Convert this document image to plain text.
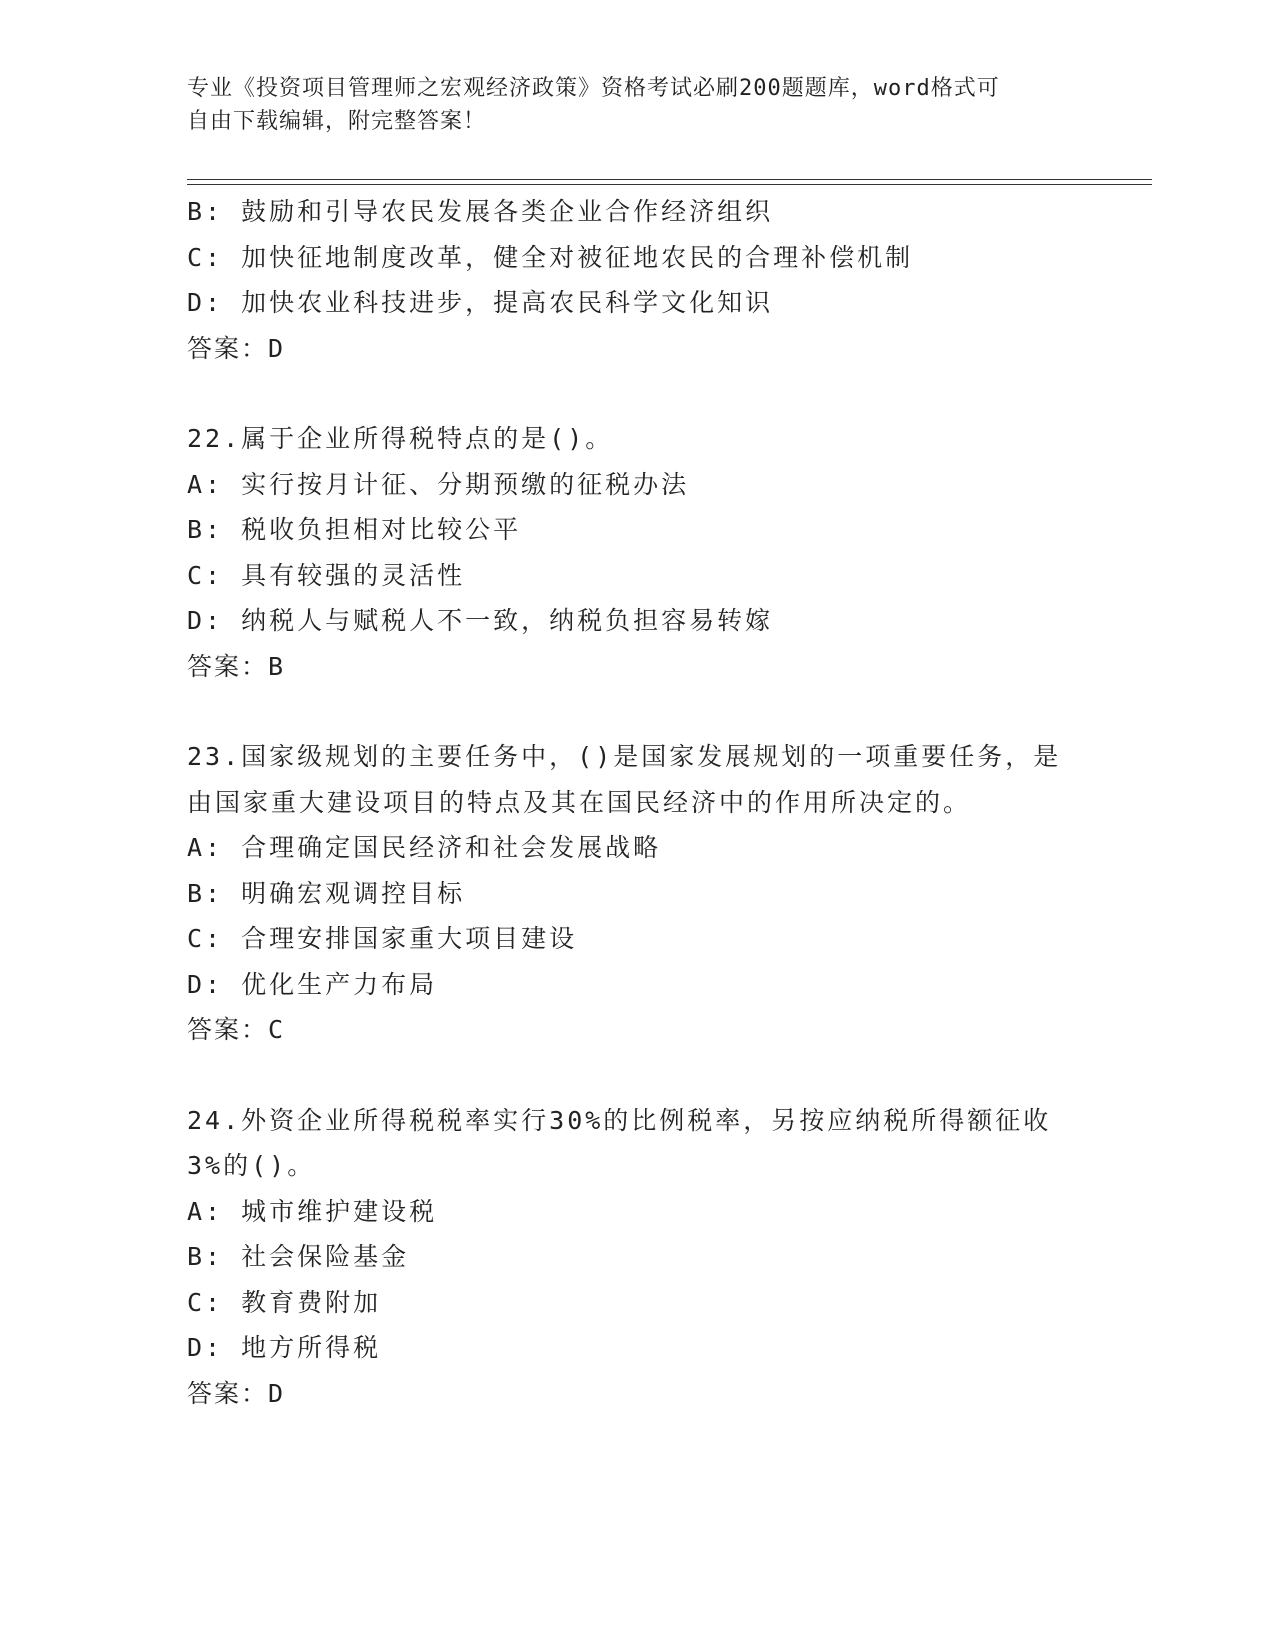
专业《投资项目管理师之宏观经济政策》资格考试必刷200题题库，word格式可
自由下载编辑，附完整答案！
B: 鼓励和引导农民发展各类企业合作经济组织
C: 加快征地制度改革，健全对被征地农民的合理补偿机制
D: 加快农业科技进步，提高农民科学文化知识
答案：D
22.属于企业所得税特点的是()。
A: 实行按月计征、分期预缴的征税办法
B: 税收负担相对比较公平
C: 具有较强的灵活性
D: 纳税人与赋税人不一致，纳税负担容易转嫁
答案：B
23.国家级规划的主要任务中，()是国家发展规划的一项重要任务，是
由国家重大建设项目的特点及其在国民经济中的作用所决定的。
A: 合理确定国民经济和社会发展战略
B: 明确宏观调控目标
C: 合理安排国家重大项目建设
D: 优化生产力布局
答案：C
24.外资企业所得税税率实行30%的比例税率，另按应纳税所得额征收
3%的()。
A: 城市维护建设税
B: 社会保险基金
C: 教育费附加
D: 地方所得税
答案：D
